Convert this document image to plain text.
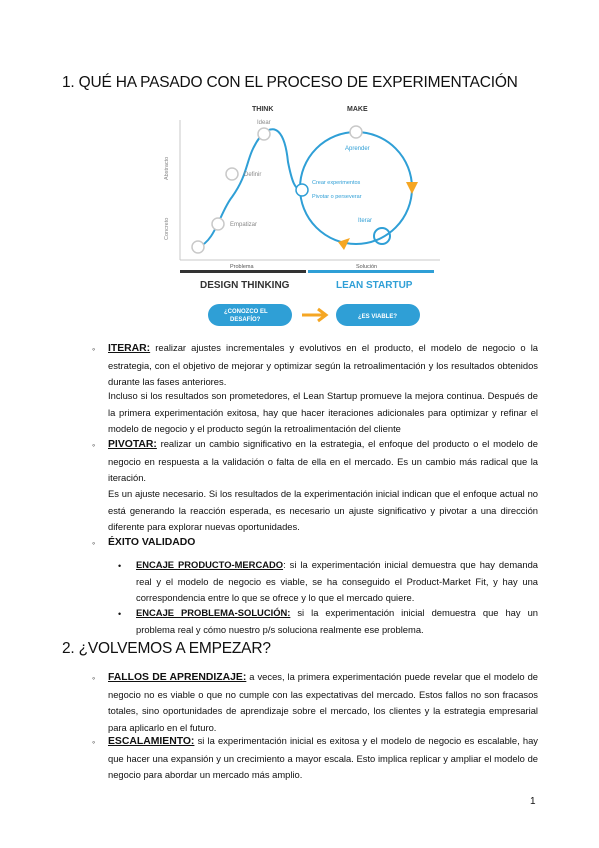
1. QUÉ HA PASADO CON EL PROCESO DE EXPERIMENTACIÓN
THINK	MAKE
Abstracto
Concreto
Problema	Solución
Idear
Definir
Empatizar
Aprender
Crear experimentos
Pivotar o perseverar
Iterar
DESIGN THINKING	LEAN STARTUP
¿CONOZCO EL
DESAFÍO?	¿ES VIABLE?
◦ ITERAR: realizar ajustes incrementales y evolutivos en el producto, el modelo de negocio o la estrategia, con el objetivo de mejorar y optimizar según la retroalimentación y los resultados obtenidos durante las fases anteriores.
Incluso si los resultados son prometedores, el Lean Startup promueve la mejora continua. Después de la primera experimentación exitosa, hay que hacer iteraciones adicionales para optimizar y refinar el modelo de negocio y el producto según la retroalimentación del cliente
◦ PIVOTAR: realizar un cambio significativo en la estrategia, el enfoque del producto o el modelo de negocio en respuesta a la validación o falta de ella en el mercado. Es un cambio más radical que la iteración.
Es un ajuste necesario. Si los resultados de la experimentación inicial indican que el enfoque actual no está generando la reacción esperada, es necesario un ajuste significativo y pivotar a una dirección diferente para explorar nuevas oportunidades.
◦ ÉXITO VALIDADO
• ENCAJE PRODUCTO-MERCADO: si la experimentación inicial demuestra que hay demanda real y el modelo de negocio es viable, se ha conseguido el Product-Market Fit, y hay una correspondencia entre lo que se ofrece y lo que el mercado quiere.
• ENCAJE PROBLEMA-SOLUCIÓN: si la experimentación inicial demuestra que hay un problema real y cómo nuestro p/s soluciona realmente ese problema.
2. ¿VOLVEMOS A EMPEZAR?
◦ FALLOS DE APRENDIZAJE: a veces, la primera experimentación puede revelar que el modelo de negocio no es viable o que no cumple con las expectativas del mercado. Estos fallos no son fracasos totales, sino oportunidades de aprendizaje sobre el mercado, los clientes y la estrategia empresarial para aplicarlo en el futuro.
◦ ESCALAMIENTO: si la experimentación inicial es exitosa y el modelo de negocio es escalable, hay que hacer una expansión y un crecimiento a mayor escala. Esto implica replicar y ampliar el modelo de negocio para abordar un mercado más amplio.
1
